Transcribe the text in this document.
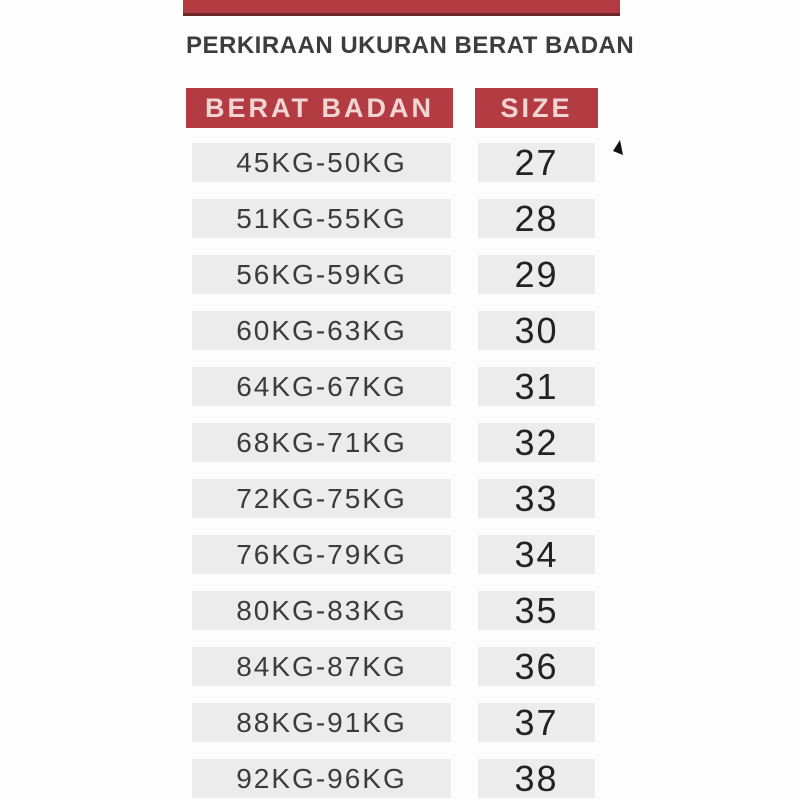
PERKIRAAN UKURAN BERAT BADAN
BERAT BADAN	SIZE
45KG-50KG	27
51KG-55KG	28
56KG-59KG	29
60KG-63KG	30
64KG-67KG	31
68KG-71KG	32
72KG-75KG	33
76KG-79KG	34
80KG-83KG	35
84KG-87KG	36
88KG-91KG	37
92KG-96KG	38
